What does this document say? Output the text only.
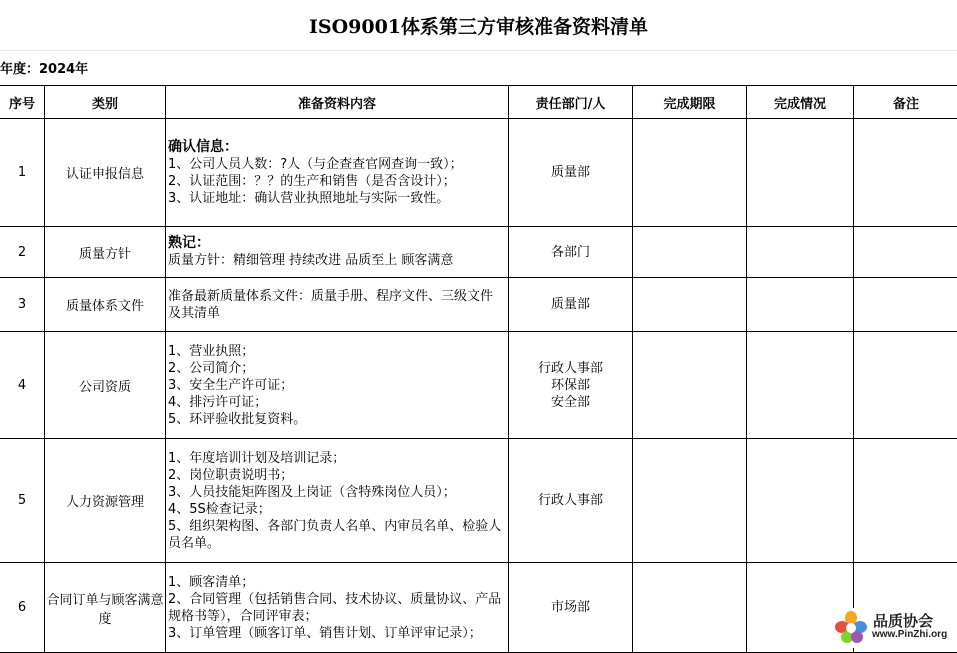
ISO9001体系第三方审核准备资料清单
年度：2024年
序号	类别	准备资料内容	责任部门/人	完成期限	完成情况	备注
1	认证申报信息	确认信息：
1、公司人员人数：?人（与企查查官网查询一致）；
2、认证范围：？？的生产和销售（是否含设计）；
3、认证地址：确认营业执照地址与实际一致性。	质量部			

2	质量方针	熟记：
质量方针：精细管理 持续改进 品质至上 顾客满意	各部门			

3	质量体系文件	准备最新质量体系文件：质量手册、程序文件、三级文件及其清单	质量部			

4	公司资质	1、营业执照；
2、公司简介；
3、安全生产许可证；
4、排污许可证；
5、环评验收批复资料。	行政人事部
环保部
安全部			

5	人力资源管理	1、年度培训计划及培训记录；
2、岗位职责说明书；
3、人员技能矩阵图及上岗证（含特殊岗位人员）；
4、5S检查记录；
5、组织架构图、各部门负责人名单、内审员名单、检验人员名单。	行政人事部			

6	合同订单与顾客满意度	1、顾客清单；
2、合同管理（包括销售合同、技术协议、质量协议、产品规格书等），合同评审表；
3、订单管理（顾客订单、销售计划、订单评审记录）；	市场部			

品质协会
www.PinZhi.org
